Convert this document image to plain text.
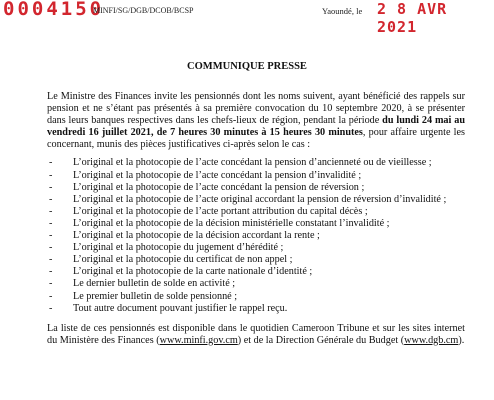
0004150
MINFI/SG/DGB/DCOB/BCSP	Yaoundé, le 2 8 AVR 2021
COMMUNIQUE PRESSE

Le Ministre des Finances invite les pensionnés dont les noms suivent, ayant bénéficié des rappels sur pension et ne s’étant pas présentés à sa première convocation du 10 septembre 2020, à se présenter dans leurs banques respectives dans les chefs-lieux de région, pendant la période du lundi 24 mai au vendredi 16 juillet 2021, de 7 heures 30 minutes à 15 heures 30 minutes, pour affaire urgente les concernant, munis des pièces justificatives ci-après selon le cas :

- L’original et la photocopie de l’acte concédant la pension d’ancienneté ou de vieillesse ;
- L’original et la photocopie de l’acte concédant la pension d’invalidité ;
- L’original et la photocopie de l’acte concédant la pension de réversion ;
- L’original et la photocopie de l’acte original accordant la pension de réversion d’invalidité ;
- L’original et la photocopie de l’acte portant attribution du capital décès ;
- L’original et la photocopie de la décision ministérielle constatant l’invalidité ;
- L’original et la photocopie de la décision accordant la rente ;
- L’original et la photocopie du jugement d’hérédité ;
- L’original et la photocopie du certificat de non appel ;
- L’original et la photocopie de la carte nationale d’identité ;
- Le dernier bulletin de solde en activité ;
- Le premier bulletin de solde pensionné ;
- Tout autre document pouvant justifier le rappel reçu.

La liste de ces pensionnés est disponible dans le quotidien Cameroon Tribune et sur les sites internet du Ministère des Finances (www.minfi.gov.cm) et de la Direction Générale du Budget (www.dgb.cm).
